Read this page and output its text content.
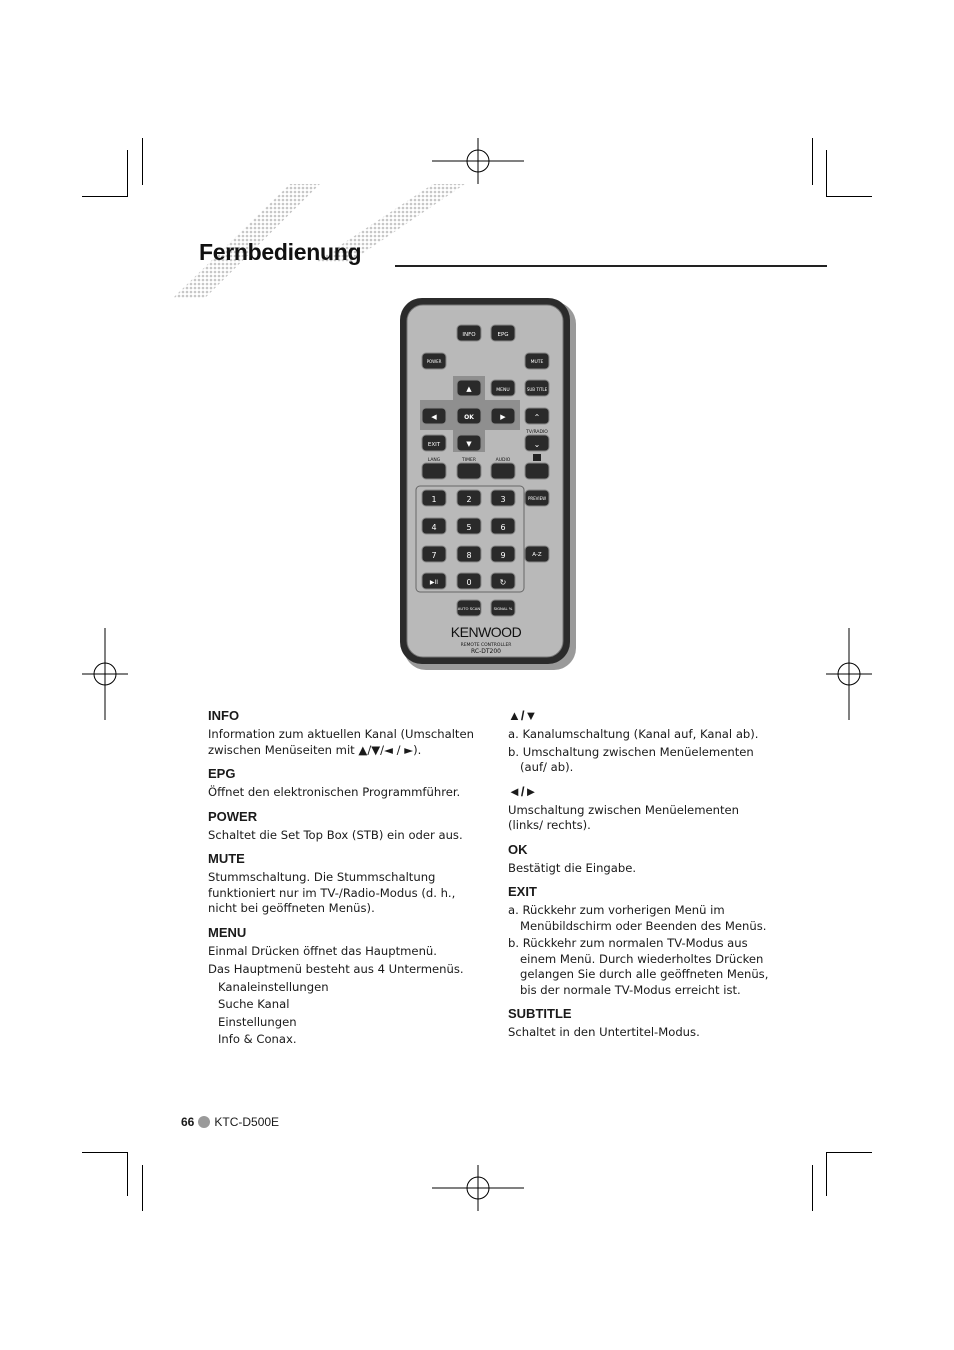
Fernbedienung
INFO	EPG
POWER	MUTE
▲	MENU	SUB TITLE
◀	OK	▶	⌃
TV/RADIO
EXIT	▼	⌄
LANG	TIMER	AUDIO
1	2	3	PREVIEW
4	5	6
7	8	9	A-Z
▶II	0	↻
AUTO SCAN	SIGNAL %
KENWOOD
REMOTE CONTROLLER
RC-DT200
INFO

Information zum aktuellen Kanal (Umschalten zwischen Menüseiten mit ▲/▼/◄ / ►).

EPG

Öffnet den elektronischen Programmführer.

POWER

Schaltet die Set Top Box (STB) ein oder aus.

MUTE

Stummschaltung. Die Stummschaltung funktioniert nur im TV-/Radio-Modus (d. h., nicht bei geöffneten Menüs).

MENU

Einmal Drücken öffnet das Hauptmenü.

Das Hauptmenü besteht aus 4 Untermenüs.

Kanaleinstellungen

Suche Kanal

Einstellungen

Info & Conax.

▲/▼

a. Kanalumschaltung (Kanal auf, Kanal ab).

b. Umschaltung zwischen Menüelementen (auf/ ab).

◄/►

Umschaltung zwischen Menüelementen (links/ rechts).

OK

Bestätigt die Eingabe.

EXIT

a. Rückkehr zum vorherigen Menü im Menübildschirm oder Beenden des Menüs.

b. Rückkehr zum normalen TV-Modus aus einem Menü. Durch wiederholtes Drücken gelangen Sie durch alle geöffneten Menüs, bis der normale TV-Modus erreicht ist.

SUBTITLE

Schaltet in den Untertitel-Modus.

66 KTC-D500E
